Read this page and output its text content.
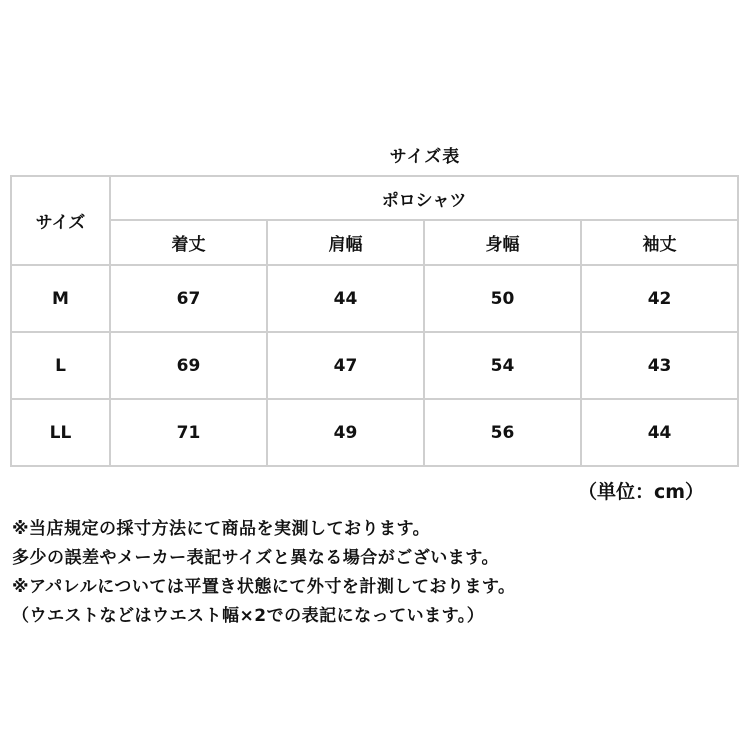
サイズ表
サイズ	ポロシャツ			
	着丈	肩幅	身幅	袖丈
M	67	44	50	42
L	69	47	54	43
LL	71	49	56	44
（単位：cm）
※当店規定の採寸方法にて商品を実測しております。
多少の誤差やメーカー表記サイズと異なる場合がございます。
※アパレルについては平置き状態にて外寸を計測しております。
（ウエストなどはウエスト幅×2での表記になっています。）
